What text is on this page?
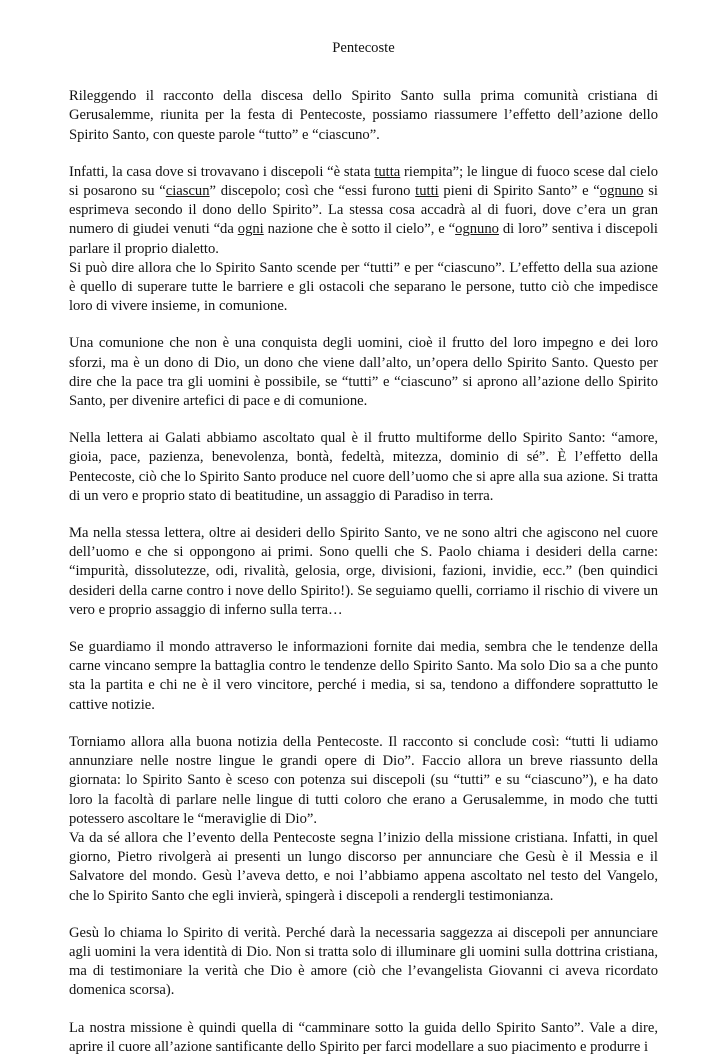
Pentecoste

Rileggendo il racconto della discesa dello Spirito Santo sulla prima comunità cristiana di Gerusalemme, riunita per la festa di Pentecoste, possiamo riassumere l’effetto dell’azione dello Spirito Santo, con queste parole “tutto” e “ciascuno”.

Infatti, la casa dove si trovavano i discepoli “è stata tutta riempita”; le lingue di fuoco scese dal cielo si posarono su “ciascun” discepolo; così che “essi furono tutti pieni di Spirito Santo” e “ognuno si esprimeva secondo il dono dello Spirito”. La stessa cosa accadrà al di fuori, dove c’era un gran numero di giudei venuti “da ogni nazione che è sotto il cielo”, e “ognuno di loro” sentiva i discepoli parlare il proprio dialetto.

Si può dire allora che lo Spirito Santo scende per “tutti” e per “ciascuno”. L’effetto della sua azione è quello di superare tutte le barriere e gli ostacoli che separano le persone, tutto ciò che impedisce loro di vivere insieme, in comunione.

Una comunione che non è una conquista degli uomini, cioè il frutto del loro impegno e dei loro sforzi, ma è un dono di Dio, un dono che viene dall’alto, un’opera dello Spirito Santo. Questo per dire che la pace tra gli uomini è possibile, se “tutti” e “ciascuno” si aprono all’azione dello Spirito Santo, per divenire artefici di pace e di comunione.

Nella lettera ai Galati abbiamo ascoltato qual è il frutto multiforme dello Spirito Santo: “amore, gioia, pace, pazienza, benevolenza, bontà, fedeltà, mitezza, dominio di sé”. È l’effetto della Pentecoste, ciò che lo Spirito Santo produce nel cuore dell’uomo che si apre alla sua azione. Si tratta di un vero e proprio stato di beatitudine, un assaggio di Paradiso in terra.

Ma nella stessa lettera, oltre ai desideri dello Spirito Santo, ve ne sono altri che agiscono nel cuore dell’uomo e che si oppongono ai primi. Sono quelli che S. Paolo chiama i desideri della carne: “impurità, dissolutezze, odi, rivalità, gelosia, orge, divisioni, fazioni, invidie, ecc.” (ben quindici desideri della carne contro i nove dello Spirito!). Se seguiamo quelli, corriamo il rischio di vivere un vero e proprio assaggio di inferno sulla terra…

Se guardiamo il mondo attraverso le informazioni fornite dai media, sembra che le tendenze della carne vincano sempre la battaglia contro le tendenze dello Spirito Santo. Ma solo Dio sa a che punto sta la partita e chi ne è il vero vincitore, perché i media, si sa, tendono a diffondere soprattutto le cattive notizie.

Torniamo allora alla buona notizia della Pentecoste. Il racconto si conclude così: “tutti li udiamo annunziare nelle nostre lingue le grandi opere di Dio”. Faccio allora un breve riassunto della giornata: lo Spirito Santo è sceso con potenza sui discepoli (su “tutti” e su “ciascuno”), e ha dato loro la facoltà di parlare nelle lingue di tutti coloro che erano a Gerusalemme, in modo che tutti potessero ascoltare le “meraviglie di Dio”.

Va da sé allora che l’evento della Pentecoste segna l’inizio della missione cristiana. Infatti, in quel giorno, Pietro rivolgerà ai presenti un lungo discorso per annunciare che Gesù è il Messia e il Salvatore del mondo. Gesù l’aveva detto, e noi l’abbiamo appena ascoltato nel testo del Vangelo, che lo Spirito Santo che egli invierà, spingerà i discepoli a rendergli testimonianza.

Gesù lo chiama lo Spirito di verità. Perché darà la necessaria saggezza ai discepoli per annunciare agli uomini la vera identità di Dio. Non si tratta solo di illuminare gli uomini sulla dottrina cristiana, ma di testimoniare la verità che Dio è amore (ciò che l’evangelista Giovanni ci aveva ricordato domenica scorsa).

La nostra missione è quindi quella di “camminare sotto la guida dello Spirito Santo”. Vale a dire, aprire il cuore all’azione santificante dello Spirito per farci modellare a suo piacimento e produrre i
